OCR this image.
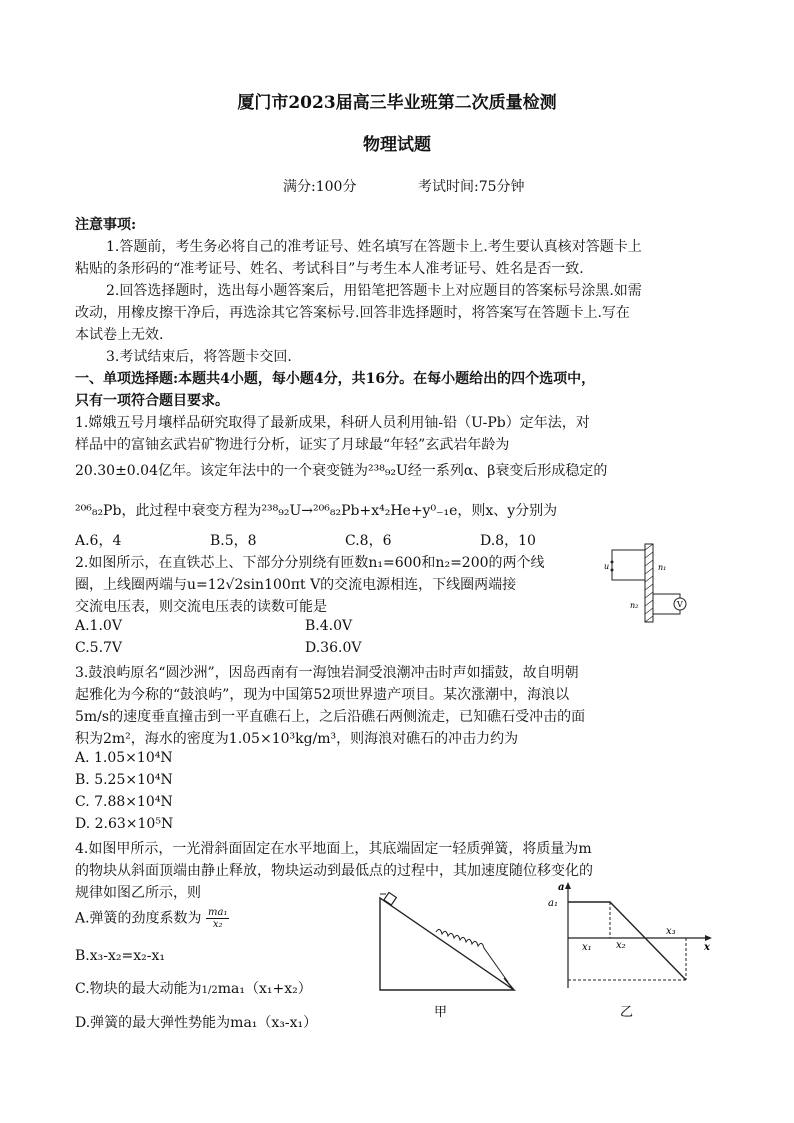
厦门市2023届高三毕业班第二次质量检测
物理试题
满分:100分	考试时间:75分钟
注意事项:
1.答题前，考生务必将自己的准考证号、姓名填写在答题卡上.考生要认真核对答题卡上
粘贴的条形码的“准考证号、姓名、考试科目”与考生本人准考证号、姓名是否一致.
2.回答选择题时，选出每小题答案后，用铅笔把答题卡上对应题目的答案标号涂黑.如需
改动，用橡皮擦干净后，再选涂其它答案标号.回答非选择题时，将答案写在答题卡上.写在
本试卷上无效.
3.考试结束后，将答题卡交回.
一、单项选择题:本题共4小题，每小题4分，共16分。在每小题给出的四个选项中，
只有一项符合题目要求。
1.嫦娥五号月壤样品研究取得了最新成果，科研人员利用铀-铅（U-Pb）定年法，对
样品中的富铀玄武岩矿物进行分析，证实了月球最“年轻”玄武岩年龄为
20.30±0.04亿年。该定年法中的一个衰变链为²³⁸₉₂U经一系列α、β衰变后形成稳定的
²⁰⁶₈₂Pb，此过程中衰变方程为²³⁸₉₂U→²⁰⁶₈₂Pb+x⁴₂He+y⁰₋₁e，则x、y分别为
A.6，4	B.5，8	C.8，6	D.8，10
2.如图所示，在直铁芯上、下部分分别绕有匝数n₁=600和n₂=200的两个线
圈，上线圈两端与u=12√2sin100πt V的交流电源相连，下线圈两端接
交流电压表，则交流电压表的读数可能是
A.1.0V	B.4.0V
C.5.7V	D.36.0V
u	n₁
V
n₂
3.鼓浪屿原名“圆沙洲”，因岛西南有一海蚀岩洞受浪潮冲击时声如擂鼓，故自明朝
起雅化为今称的“鼓浪屿”，现为中国第52项世界遗产项目。某次涨潮中，海浪以
5m/s的速度垂直撞击到一平直礁石上，之后沿礁石两侧流走，已知礁石受冲击的面
积为2m²，海水的密度为1.05×10³kg/m³，则海浪对礁石的冲击力约为
A. 1.05×10⁴N
B. 5.25×10⁴N
C. 7.88×10⁴N
D. 2.63×10⁵N
4.如图甲所示，一光滑斜面固定在水平地面上，其底端固定一轻质弹簧，将质量为m
的物块从斜面顶端由静止释放，物块运动到最低点的过程中，其加速度随位移变化的
规律如图乙所示，则
A.弹簧的劲度系数为 $\frac{\text{ma₁}}{\text{x₂}}$
B.x₃-x₂=x₂-x₁
C.物块的最大动能为1/2ma₁（x₁+x₂）
D.弹簧的最大弹性势能为ma₁（x₃-x₁）
甲
a
a₁
x
x₁ x₂
x₃
乙
